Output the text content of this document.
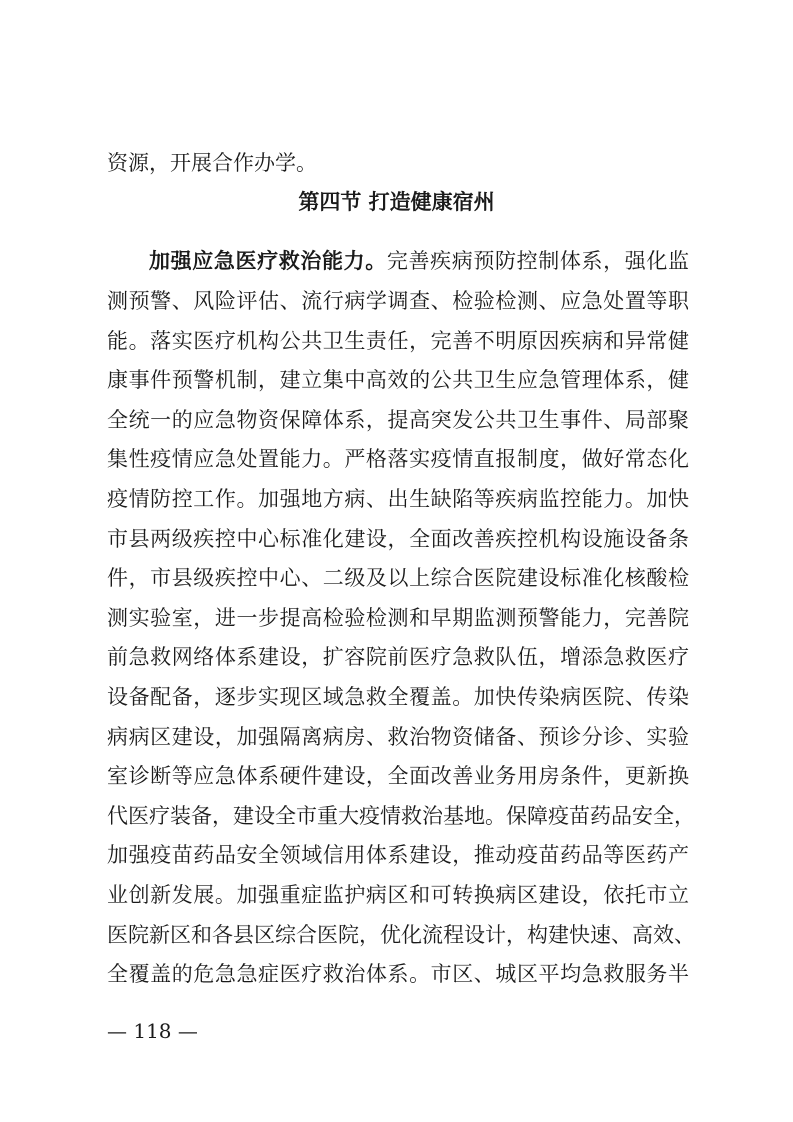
资源，开展合作办学。
第四节 打造健康宿州
加强应急医疗救治能力。完善疾病预防控制体系，强化监
测预警、风险评估、流行病学调查、检验检测、应急处置等职
能。落实医疗机构公共卫生责任，完善不明原因疾病和异常健
康事件预警机制，建立集中高效的公共卫生应急管理体系，健
全统一的应急物资保障体系，提高突发公共卫生事件、局部聚
集性疫情应急处置能力。严格落实疫情直报制度，做好常态化
疫情防控工作。加强地方病、出生缺陷等疾病监控能力。加快
市县两级疾控中心标准化建设，全面改善疾控机构设施设备条
件，市县级疾控中心、二级及以上综合医院建设标准化核酸检
测实验室，进一步提高检验检测和早期监测预警能力，完善院
前急救网络体系建设，扩容院前医疗急救队伍，增添急救医疗
设备配备，逐步实现区域急救全覆盖。加快传染病医院、传染
病病区建设，加强隔离病房、救治物资储备、预诊分诊、实验
室诊断等应急体系硬件建设，全面改善业务用房条件，更新换
代医疗装备，建设全市重大疫情救治基地。保障疫苗药品安全，
加强疫苗药品安全领域信用体系建设，推动疫苗药品等医药产
业创新发展。加强重症监护病区和可转换病区建设，依托市立
医院新区和各县区综合医院，优化流程设计，构建快速、高效、
— 118 —
全覆盖的危急急症医疗救治体系。市区、城区平均急救服务半
